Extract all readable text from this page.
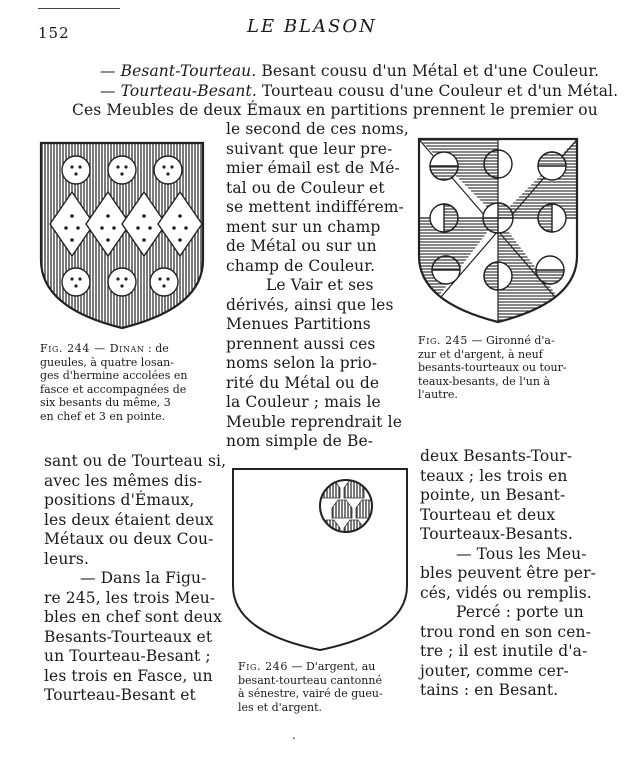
152	LE BLASON
— Besant-Tourteau. Besant cousu d'un Métal et d'une Couleur.
— Tourteau-Besant. Tourteau cousu d'une Couleur et d'un Métal.
Ces Meubles de deux Émaux en partitions prennent le premier ou
le second de ces noms,
suivant que leur pre-
mier émail est de Mé-
tal ou de Couleur et
se mettent indifférem-
ment sur un champ
de Métal ou sur un
champ de Couleur.
Le Vair et ses
dérivés, ainsi que les
Menues Partitions
prennent aussi ces
noms selon la prio-
rité du Métal ou de
la Couleur ; mais le
Meuble reprendrait le
nom simple de Be-
Fig. 244 — Dinan : de
gueules, à quatre losan-
ges d'hermine accolées en
fasce et accompagnées de
six besants du même, 3
en chef et 3 en pointe.
Fig. 245 — Gironné d'a-
zur et d'argent, à neuf
besants-tourteaux ou tour-
teaux-besants, de l'un à
l'autre.
Fig. 246 — D'argent, au
besant-tourteau cantonné
à sénestre, vairé de gueu-
les et d'argent.
sant ou de Tourteau si,
avec les mêmes dis-
positions d'Émaux,
les deux étaient deux
Métaux ou deux Cou-
leurs.
— Dans la Figu-
re 245, les trois Meu-
bles en chef sont deux
Besants-Tourteaux et
un Tourteau-Besant ;
les trois en Fasce, un
Tourteau-Besant et
deux Besants-Tour-
teaux ; les trois en
pointe, un Besant-
Tourteau et deux
Tourteaux-Besants.
— Tous les Meu-
bles peuvent être per-
cés, vidés ou remplis.
Percé : porte un
trou rond en son cen-
tre ; il est inutile d'a-
jouter, comme cer-
tains : en Besant.
.
